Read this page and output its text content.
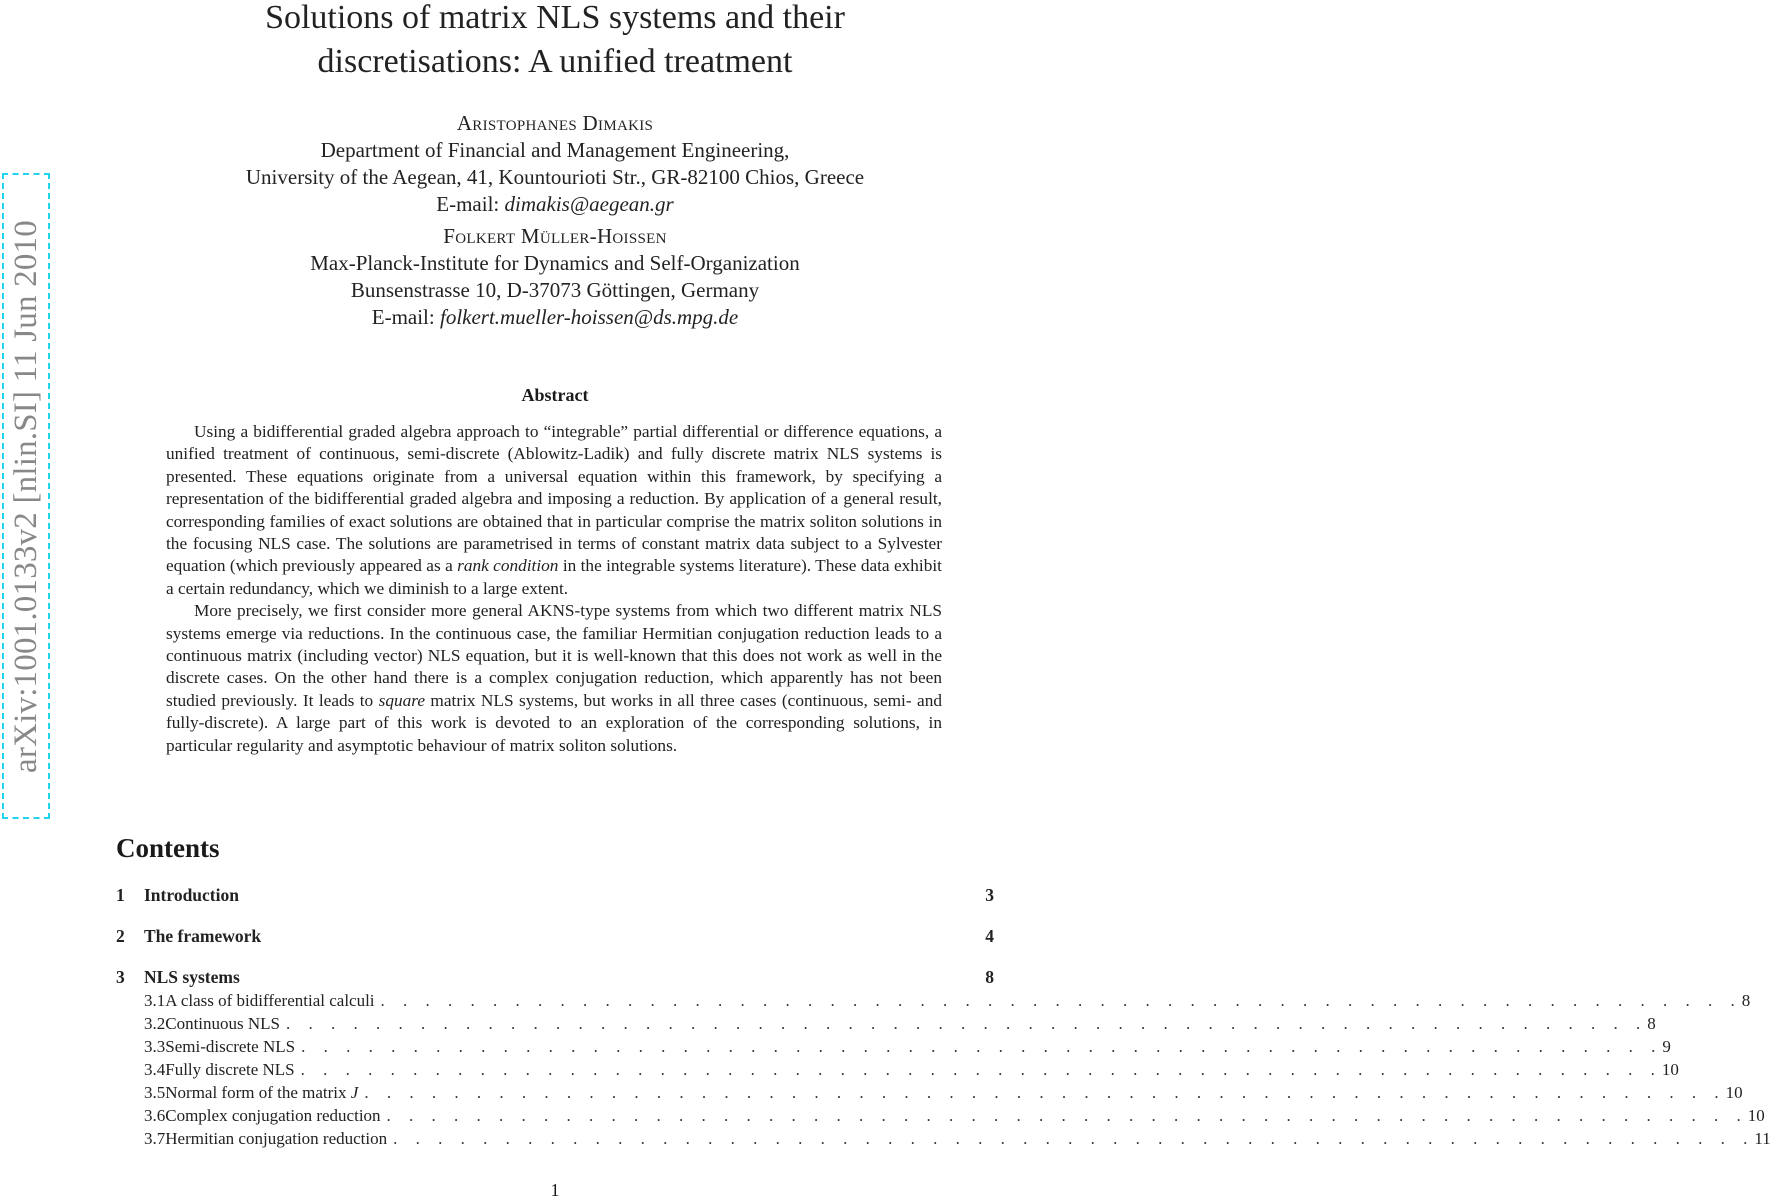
arXiv:1001.0133v2 [nlin.SI] 11 Jun 2010
Solutions of matrix NLS systems and their
discretisations: A unified treatment
Aristophanes Dimakis
Department of Financial and Management Engineering,
University of the Aegean, 41, Kountourioti Str., GR-82100 Chios, Greece
E-mail: dimakis@aegean.gr
Folkert Müller-Hoissen
Max-Planck-Institute for Dynamics and Self-Organization
Bunsenstrasse 10, D-37073 Göttingen, Germany
E-mail: folkert.mueller-hoissen@ds.mpg.de
Abstract

Using a bidifferential graded algebra approach to “integrable” partial differential or difference equations, a unified treatment of continuous, semi-discrete (Ablowitz-Ladik) and fully discrete matrix NLS systems is presented. These equations originate from a universal equation within this framework, by specifying a representation of the bidifferential graded algebra and imposing a reduction. By application of a general result, corresponding families of exact solutions are obtained that in particular comprise the matrix soliton solutions in the focusing NLS case. The solutions are parametrised in terms of constant matrix data subject to a Sylvester equation (which previously appeared as a rank condition in the integrable systems literature). These data exhibit a certain redundancy, which we diminish to a large extent.

More precisely, we first consider more general AKNS-type systems from which two different matrix NLS systems emerge via reductions. In the continuous case, the familiar Hermitian conjugation reduction leads to a continuous matrix (including vector) NLS equation, but it is well-known that this does not work as well in the discrete cases. On the other hand there is a complex conjugation reduction, which apparently has not been studied previously. It leads to square matrix NLS systems, but works in all three cases (continuous, semi- and fully-discrete). A large part of this work is devoted to an exploration of the corresponding solutions, in particular regularity and asymptotic behaviour of matrix soliton solutions.

Contents
1	Introduction	3
2	The framework	4
3	NLS systems	8
3.1 A class of bidifferential calculi . . . . . . . . . . . . . . . . . . . . . . . . . . . . . . . . . . . . . . . . . . . . . . . . . . . . . . . . . . . . . 8
3.2 Continuous NLS . . . . . . . . . . . . . . . . . . . . . . . . . . . . . . . . . . . . . . . . . . . . . . . . . . . . . . . . . . . . . 8
3.3 Semi-discrete NLS . . . . . . . . . . . . . . . . . . . . . . . . . . . . . . . . . . . . . . . . . . . . . . . . . . . . . . . . . . . . . 9
3.4 Fully discrete NLS . . . . . . . . . . . . . . . . . . . . . . . . . . . . . . . . . . . . . . . . . . . . . . . . . . . . . . . . . . . . . 10
3.5 Normal form of the matrix J . . . . . . . . . . . . . . . . . . . . . . . . . . . . . . . . . . . . . . . . . . . . . . . . . . . . . . . . . . . . . 10
3.6 Complex conjugation reduction . . . . . . . . . . . . . . . . . . . . . . . . . . . . . . . . . . . . . . . . . . . . . . . . . . . . . . . . . . . . . 10
3.7 Hermitian conjugation reduction . . . . . . . . . . . . . . . . . . . . . . . . . . . . . . . . . . . . . . . . . . . . . . . . . . . . . . . . . . . . . 11
1
